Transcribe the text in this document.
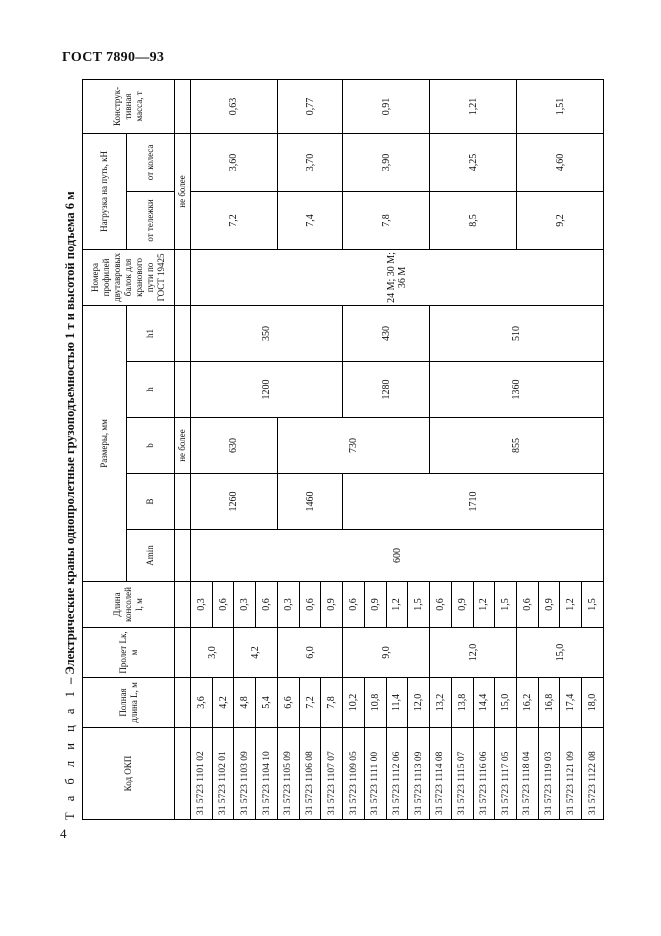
ГОСТ 7890—93
Т а б л и ц а 1 – Электрические краны однопролетные грузоподъемностью 1 т и высотой подъема 6 м
Код ОКП	Полная длина L, м	Пролет Lк, м	Длина консолей l, м	Размеры, мм					Номера профилей двутавровых балок для кранового пути по ГОСТ 19425	Нагрузка на путь, кН		Конструк- тивная масса, т
				Аmin	В	b	h	h1		от тележки	от колеса	
						не более				не более		
31 5723 1101 02	3,6	3,0	0,3	600	1260	630	1200	350	24 М; 30 М; 36 М	7,2	3,60	0,63
31 5723 1102 01	4,2		0,6									
31 5723 1103 09	4,8	4,2	0,3									
31 5723 1104 10	5,4		0,6									
31 5723 1105 09	6,6	6,0	0,3		1460	730				7,4	3,70	0,77
31 5723 1106 08	7,2		0,6									
31 5723 1107 07	7,8		0,9									
31 5723 1109 05	10,2	9,0	0,6		1710		1280	430		7,8	3,90	0,91
31 5723 1111 00	10,8		0,9									
31 5723 1112 06	11,4		1,2									
31 5723 1113 09	12,0		1,5									
31 5723 1114 08	13,2	12,0	0,6			855	1360	510		8,5	4,25	1,21
31 5723 1115 07	13,8		0,9									
31 5723 1116 06	14,4		1,2									
31 5723 1117 05	15,0		1,5									
31 5723 1118 04	16,2	15,0	0,6							9,2	4,60	1,51
31 5723 1119 03	16,8		0,9									
31 5723 1121 09	17,4		1,2									
31 5723 1122 08	18,0		1,5									
4
